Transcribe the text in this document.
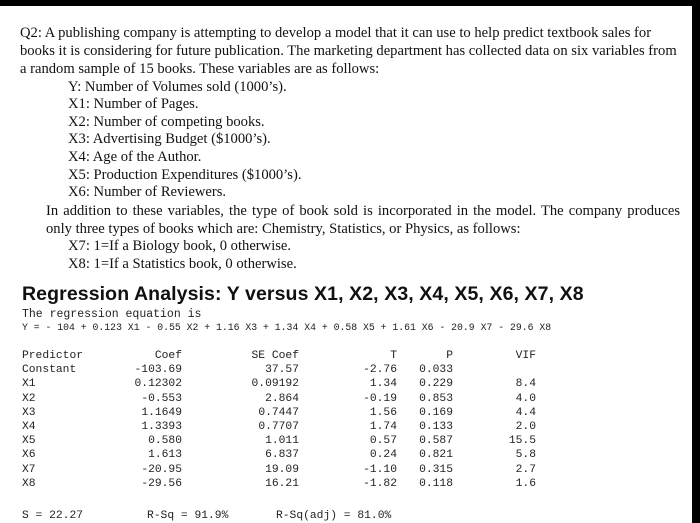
Q2: A publishing company is attempting to develop a model that it can use to help predict textbook sales for books it is considering for future publication. The marketing department has collected data on six variables from a random sample of 15 books. These variables are as follows:

Y: Number of Volumes sold (1000’s).
X1: Number of Pages.
X2: Number of competing books.
X3: Advertising Budget ($1000’s).
X4: Age of the Author.
X5: Production Expenditures ($1000’s).
X6: Number of Reviewers.

In addition to these variables, the type of book sold is incorporated in the model. The company produces only three types of books which are: Chemistry, Statistics, or Physics, as follows:

X7: 1=If a Biology book, 0 otherwise.
X8: 1=If a Statistics book, 0 otherwise.
Regression Analysis: Y versus X1, X2, X3, X4, X5, X6, X7, X8
The regression equation is
Y = - 104 + 0.123 X1 - 0.55 X2 + 1.16 X3 + 1.34 X4 + 0.58 X5 + 1.61 X6 - 20.9 X7 - 29.6 X8
Predictor	Coef	SE Coef	T	P	VIF
Constant	-103.69	37.57	-2.76	0.033	
X1	0.12302	0.09192	1.34	0.229	8.4
X2	-0.553	2.864	-0.19	0.853	4.0
X3	1.1649	0.7447	1.56	0.169	4.4
X4	1.3393	0.7707	1.74	0.133	2.0
X5	0.580	1.011	0.57	0.587	15.5
X6	1.613	6.837	0.24	0.821	5.8
X7	-20.95	19.09	-1.10	0.315	2.7
X8	-29.56	16.21	-1.82	0.118	1.6
S = 22.27	R-Sq = 91.9%	R-Sq(adj) = 81.0%
